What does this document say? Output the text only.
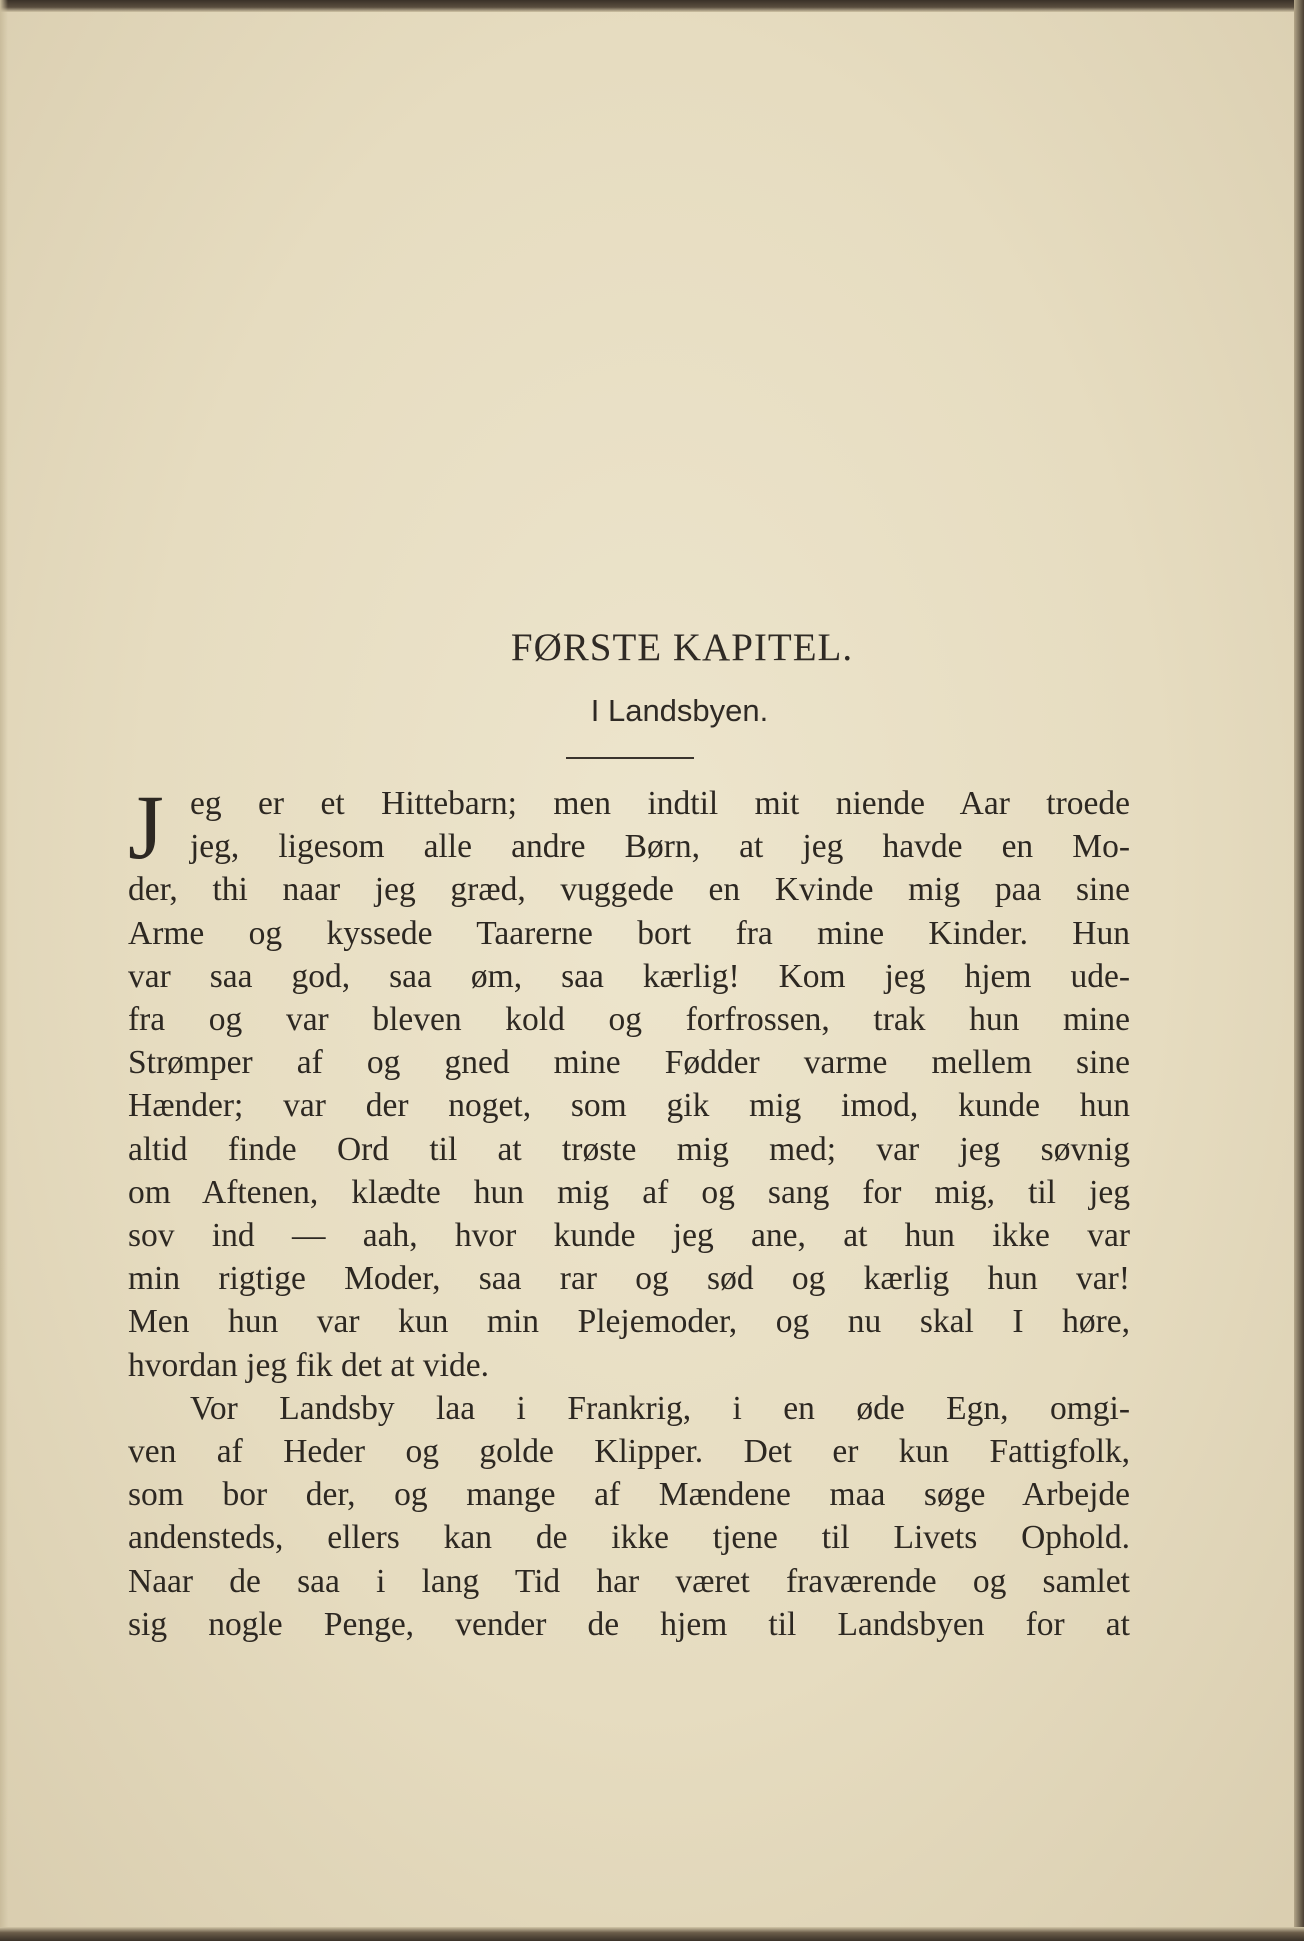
FØRSTE KAPITEL.
I Landsbyen.
J eg er et Hittebarn; men indtil mit niende Aar troede
jeg, ligesom alle andre Børn, at jeg havde en Mo-
der, thi naar jeg græd, vuggede en Kvinde mig paa sine
Arme og kyssede Taarerne bort fra mine Kinder. Hun
var saa god, saa øm, saa kærlig! Kom jeg hjem ude-
fra og var bleven kold og forfrossen, trak hun mine
Strømper af og gned mine Fødder varme mellem sine
Hænder; var der noget, som gik mig imod, kunde hun
altid finde Ord til at trøste mig med; var jeg søvnig
om Aftenen, klædte hun mig af og sang for mig, til jeg
sov ind — aah, hvor kunde jeg ane, at hun ikke var
min rigtige Moder, saa rar og sød og kærlig hun var!
Men hun var kun min Plejemoder, og nu skal I høre,
hvordan jeg fik det at vide.
Vor Landsby laa i Frankrig, i en øde Egn, omgi-
ven af Heder og golde Klipper. Det er kun Fattigfolk,
som bor der, og mange af Mændene maa søge Arbejde
andensteds, ellers kan de ikke tjene til Livets Ophold.
Naar de saa i lang Tid har været fraværende og samlet
sig nogle Penge, vender de hjem til Landsbyen for at
